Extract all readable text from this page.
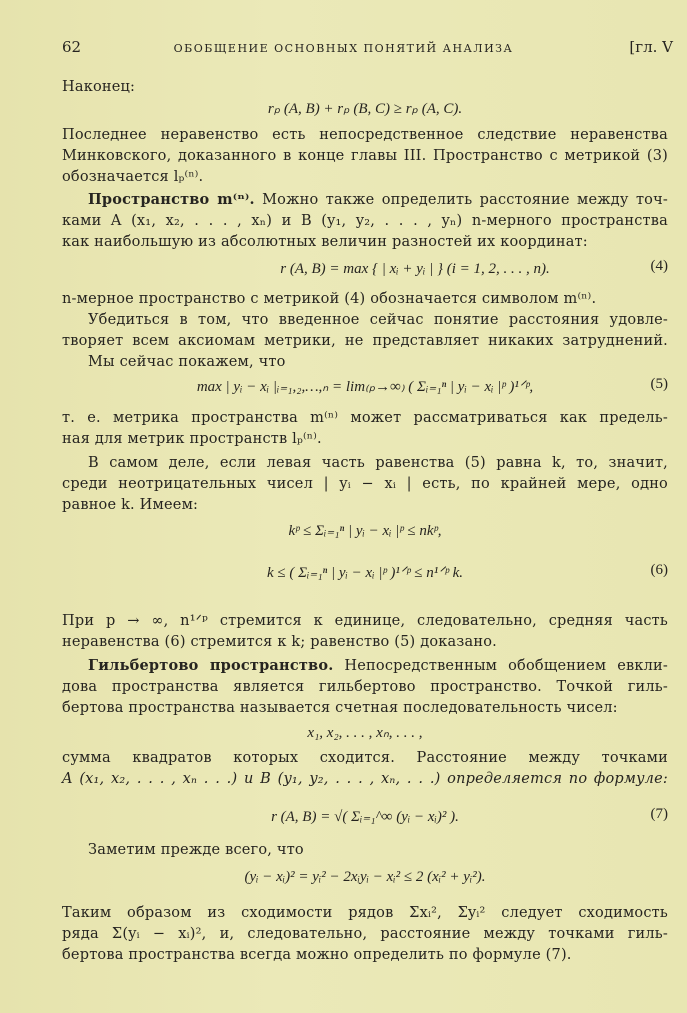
62	ОБОБЩЕНИЕ ОСНОВНЫХ ПОНЯТИЙ АНАЛИЗА	[гл. V
Наконец:
rₚ (A, B) + rₚ (B, C) ≥ rₚ (A, C).
Последнее неравенство есть непосредственное следствие неравенства
Минковского, доказанного в конце главы III. Пространство с метрикой (3)
обозначается lₚ⁽ⁿ⁾.
Пространство m⁽ⁿ⁾. Можно также определить расстояние между точ-
ками A (x₁, x₂, . . . , xₙ) и B (y₁, y₂, . . . , yₙ) n-мерного пространства
как наибольшую из абсолютных величин разностей их координат:
r (A, B) = max { | xᵢ + yᵢ | } (i = 1, 2, . . . , n).	(4)
n-мерное пространство с метрикой (4) обозначается символом m⁽ⁿ⁾.
Убедиться в том, что введенное сейчас понятие расстояния удовле-
творяет всем аксиомам метрики, не представляет никаких затруднений.
Мы сейчас покажем, что
max | yᵢ − xᵢ |ᵢ₌₁,₂,…,ₙ = lim₍ₚ→∞₎ ( Σᵢ₌₁ⁿ | yᵢ − xᵢ |ᵖ )¹ᐟᵖ,	(5)
т. е. метрика пространства m⁽ⁿ⁾ может рассматриваться как предель-
ная для метрик пространств lₚ⁽ⁿ⁾.
В самом деле, если левая часть равенства (5) равна k, то, значит,
среди неотрицательных чисел | yᵢ − xᵢ | есть, по крайней мере, одно
равное k. Имеем:
kᵖ ≤ Σᵢ₌₁ⁿ | yᵢ − xᵢ |ᵖ ≤ nkᵖ,
k ≤ ( Σᵢ₌₁ⁿ | yᵢ − xᵢ |ᵖ )¹ᐟᵖ ≤ n¹ᐟᵖ k.	(6)
При p → ∞, n¹ᐟᵖ стремится к единице, следовательно, средняя часть
неравенства (6) стремится к k; равенство (5) доказано.
Гильбертово пространство. Непосредственным обобщением евкли-
дова пространства является гильбертово пространство. Точкой гиль-
бертова пространства называется счетная последовательность чисел:
x₁, x₂, . . . , xₙ, . . . ,
сумма квадратов которых сходится. Расстояние между точками
A (x₁, x₂, . . . , xₙ . . .) и B (y₁, y₂, . . . , xₙ, . . .) определяется по формуле:
r (A, B) = √( Σᵢ₌₁^∞ (yᵢ − xᵢ)² ).	(7)
Заметим прежде всего, что
(yᵢ − xᵢ)² = yᵢ² − 2xᵢyᵢ − xᵢ² ≤ 2 (xᵢ² + yᵢ²).
Таким образом из сходимости рядов Σxᵢ², Σyᵢ² следует сходимость
ряда Σ(yᵢ − xᵢ)², и, следовательно, расстояние между точками гиль-
бертова пространства всегда можно определить по формуле (7).
